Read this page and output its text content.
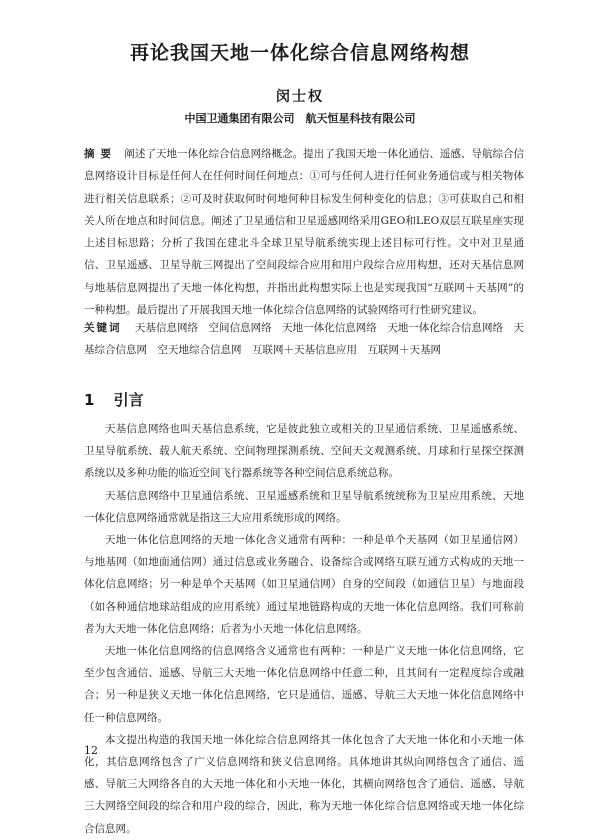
再论我国天地一体化综合信息网络构想
闵士权
中国卫通集团有限公司　航天恒星科技有限公司
摘要 阐述了天地一体化综合信息网络概念。提出了我国天地一体化通信、遥感、导航综合信息网络设计目标是任何人在任何时间任何地点：①可与任何人进行任何业务通信或与相关物体进行相关信息联系；②可及时获取何时何地何种目标发生何种变化的信息；③可获取自己和相关人所在地点和时间信息。阐述了卫星通信和卫星遥感网络采用GEO和LEO双层互联星座实现上述目标思路；分析了我国在建北斗全球卫星导航系统实现上述目标可行性。文中对卫星通信、卫星遥感、卫星导航三网提出了空间段综合应用和用户段综合应用构想，还对天基信息网与地基信息网提出了天地一体化构想，并指出此构想实际上也是实现我国“互联网＋天基网”的一种构想。最后提出了开展我国天地一体化综合信息网络的试验网络可行性研究建议。
关键词 天基信息网络　空间信息网络　天地一体化信息网络　天地一体化综合信息网络　天基综合信息网　空天地综合信息网　互联网＋天基信息应用　互联网＋天基网
1 引言

天基信息网络也叫天基信息系统，它是彼此独立或相关的卫星通信系统、卫星遥感系统、卫星导航系统、载人航天系统、空间物理探测系统、空间天文观测系统、月球和行星探空探测系统以及多种功能的临近空间飞行器系统等各种空间信息系统总称。

天基信息网络中卫星通信系统、卫星遥感系统和卫星导航系统统称为卫星应用系统、天地一体化信息网络通常就是指这三大应用系统形成的网络。

天地一体化信息网络的天地一体化含义通常有两种：一种是单个天基网（如卫星通信网）与地基网（如地面通信网）通过信息或业务融合、设备综合或网络互联互通方式构成的天地一体化信息网络；另一种是单个天基网（如卫星通信网）自身的空间段（如通信卫星）与地面段（如各种通信地球站组成的应用系统）通过星地链路构成的天地一体化信息网络。我们可称前者为大天地一体化信息网络；后者为小天地一体化信息网络。

天地一体化信息网络的信息网络含义通常也有两种：一种是广义天地一体化信息网络，它至少包含通信、遥感、导航三大天地一体化信息网络中任意二种，且其间有一定程度综合或融合；另一种是狭义天地一体化信息网络，它只是通信、遥感、导航三大天地一体化信息网络中任一种信息网络。

本文提出构造的我国天地一体化综合信息网络其一体化包含了大天地一体化和小天地一体化，其信息网络包含了广义信息网络和狭义信息网络。具体地讲其纵向网络包含了通信、遥感、导航三大网络各自的大天地一体化和小天地一体化，其横向网络包含了通信、遥感、导航三大网络空间段的综合和用户段的综合，因此，称为天地一体化综合信息网络或天地一体化综合信息网。

12
